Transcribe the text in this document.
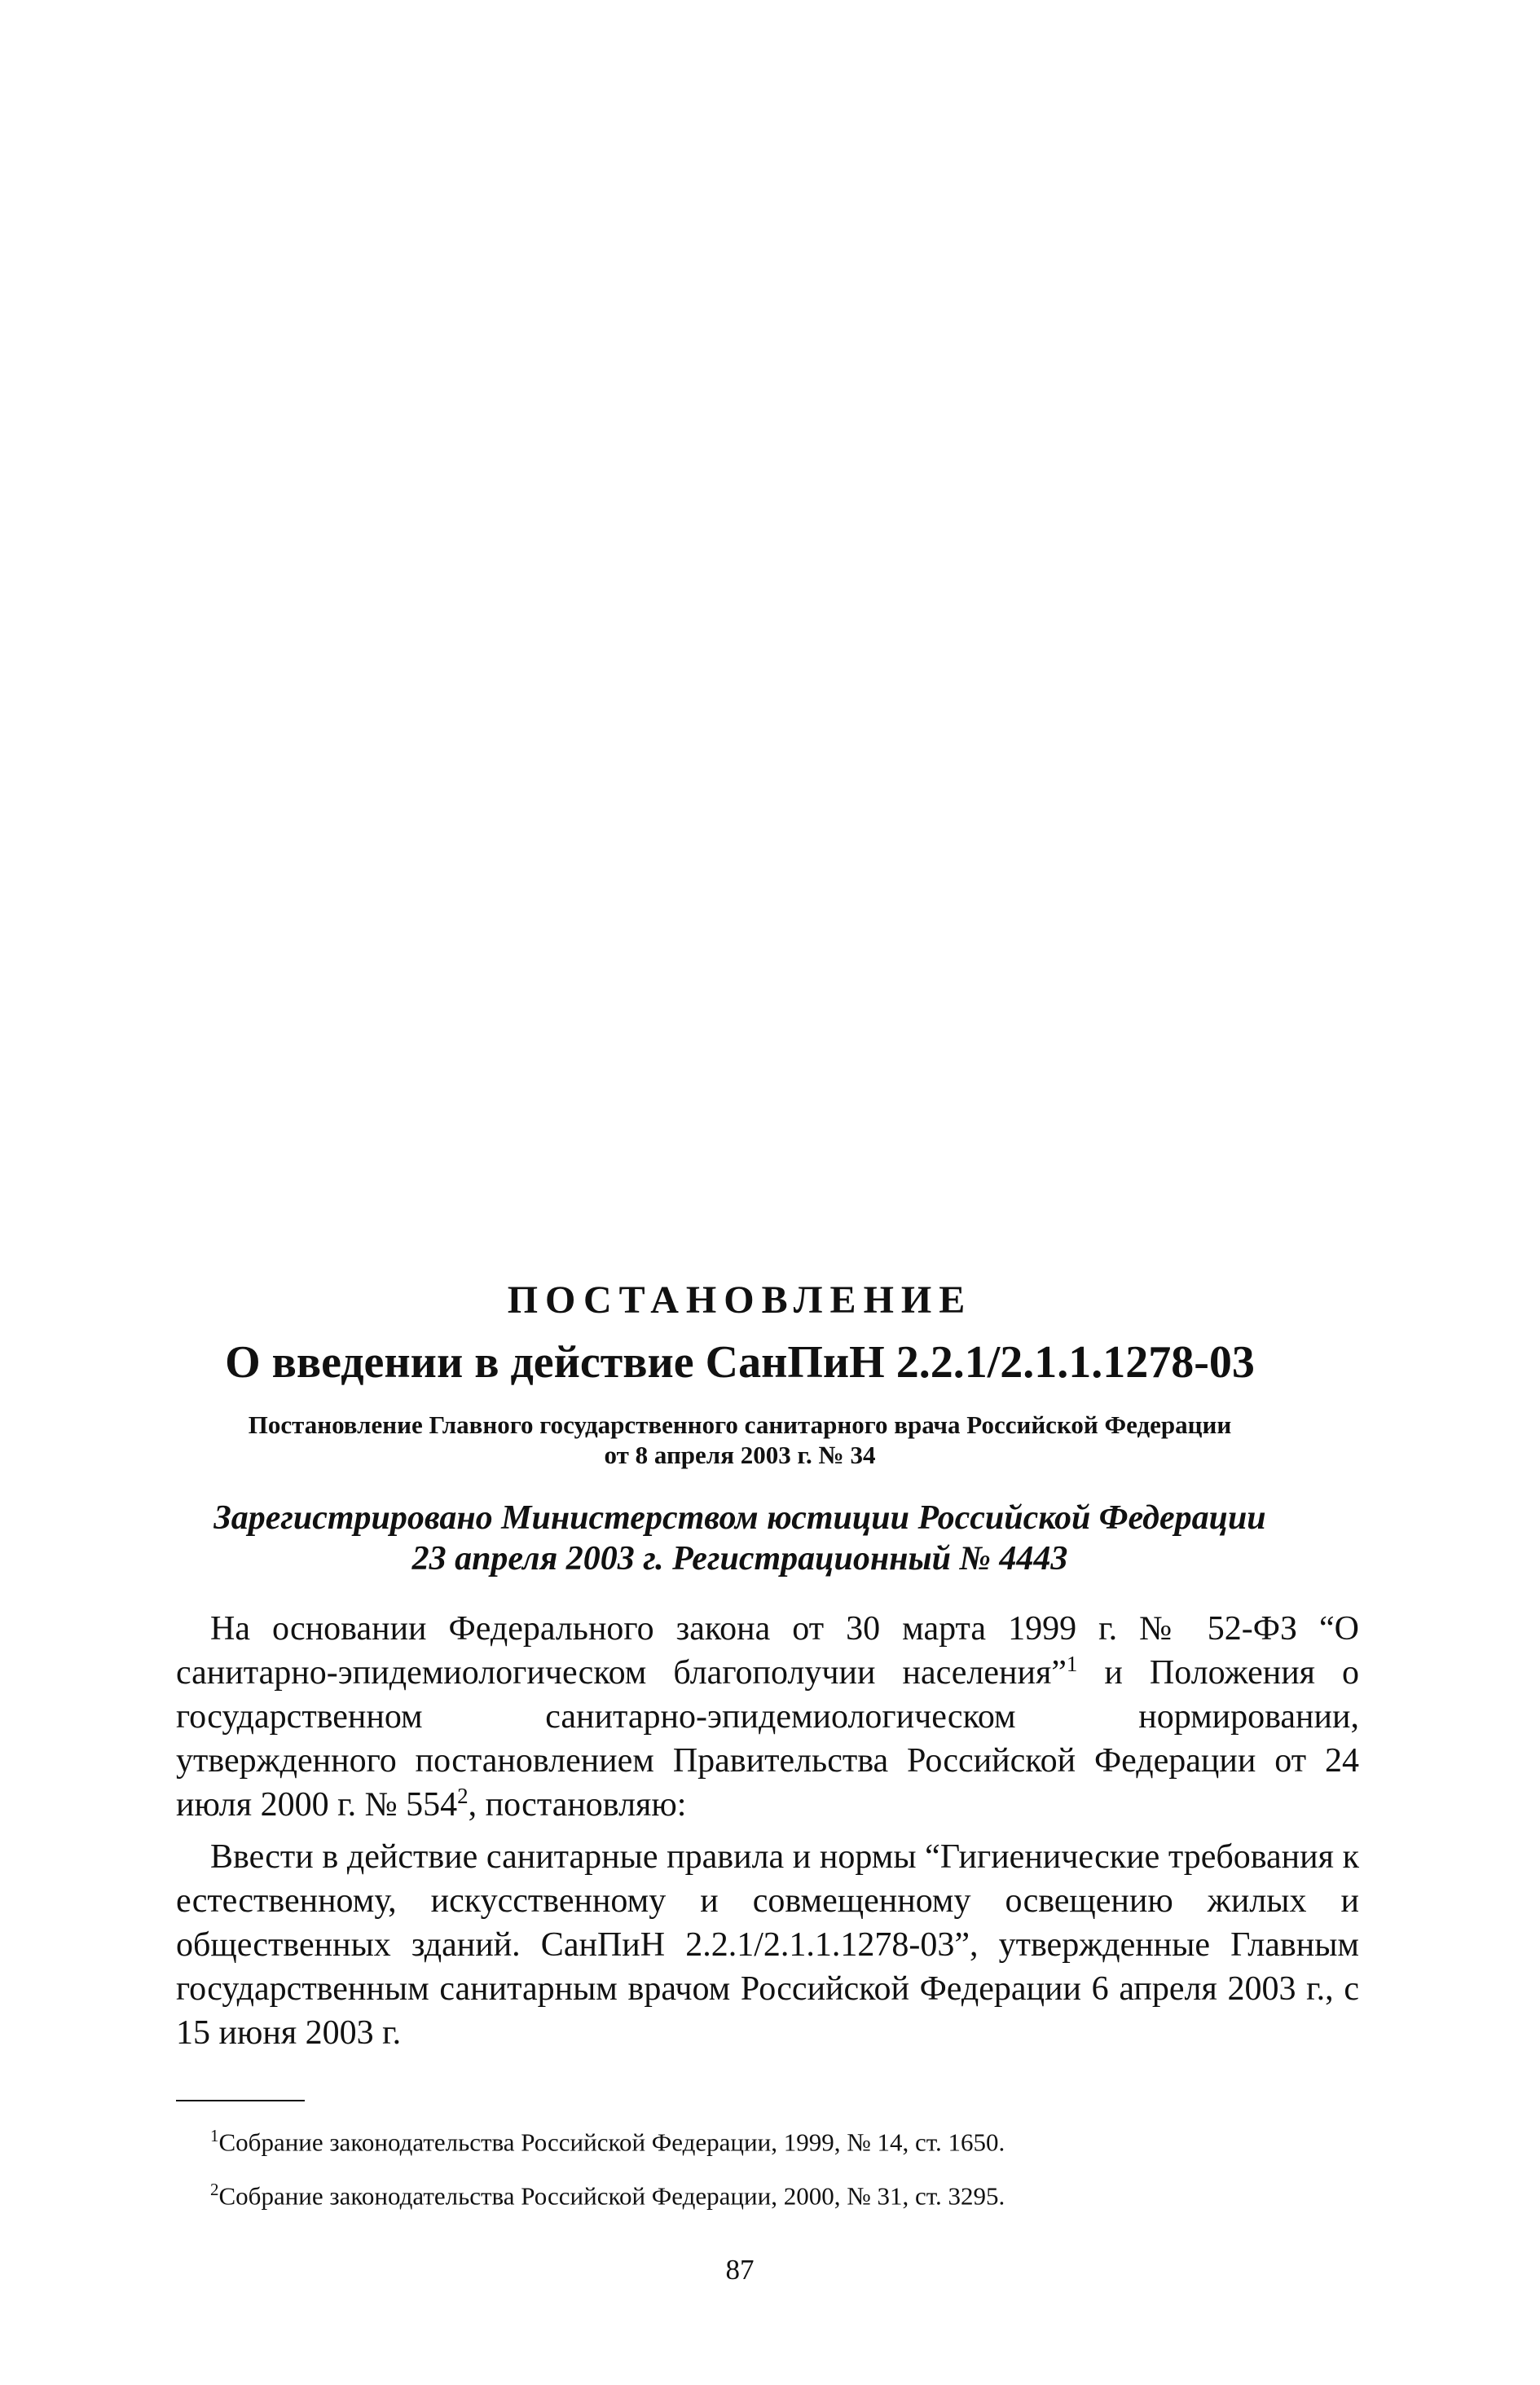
ПОСТАНОВЛЕНИЕ
О введении в действие СанПиН 2.2.1/2.1.1.1278-03
Постановление Главного государственного санитарного врача Российской Федерации
от 8 апреля 2003 г. № 34
Зарегистрировано Министерством юстиции Российской Федерации
23 апреля 2003 г. Регистрационный № 4443

На основании Федерального закона от 30 марта 1999 г. № 52-ФЗ “О санитарно-эпидемиологическом благополучии населения”$^1$ и Положения о государственном санитарно-эпидемиологическом нормировании, утвержденного постановлением Правительства Российской Федерации от 24 июля 2000 г. № $554^2$, постановляю:

Ввести в действие санитарные правила и нормы “Гигиенические требования к естественному, искусственному и совмещенному освещению жилых и общественных зданий. СанПиН 2.2.1/2.1.1.1278-03”, утвержденные Главным государственным санитарным врачом Российской Федерации 6 апреля 2003 г., с 15 июня 2003 г.

$^1$Собрание законодательства Российской Федерации, 1999, № 14, ст. 1650.
$^2$Собрание законодательства Российской Федерации, 2000, № 31, ст. 3295.
87
